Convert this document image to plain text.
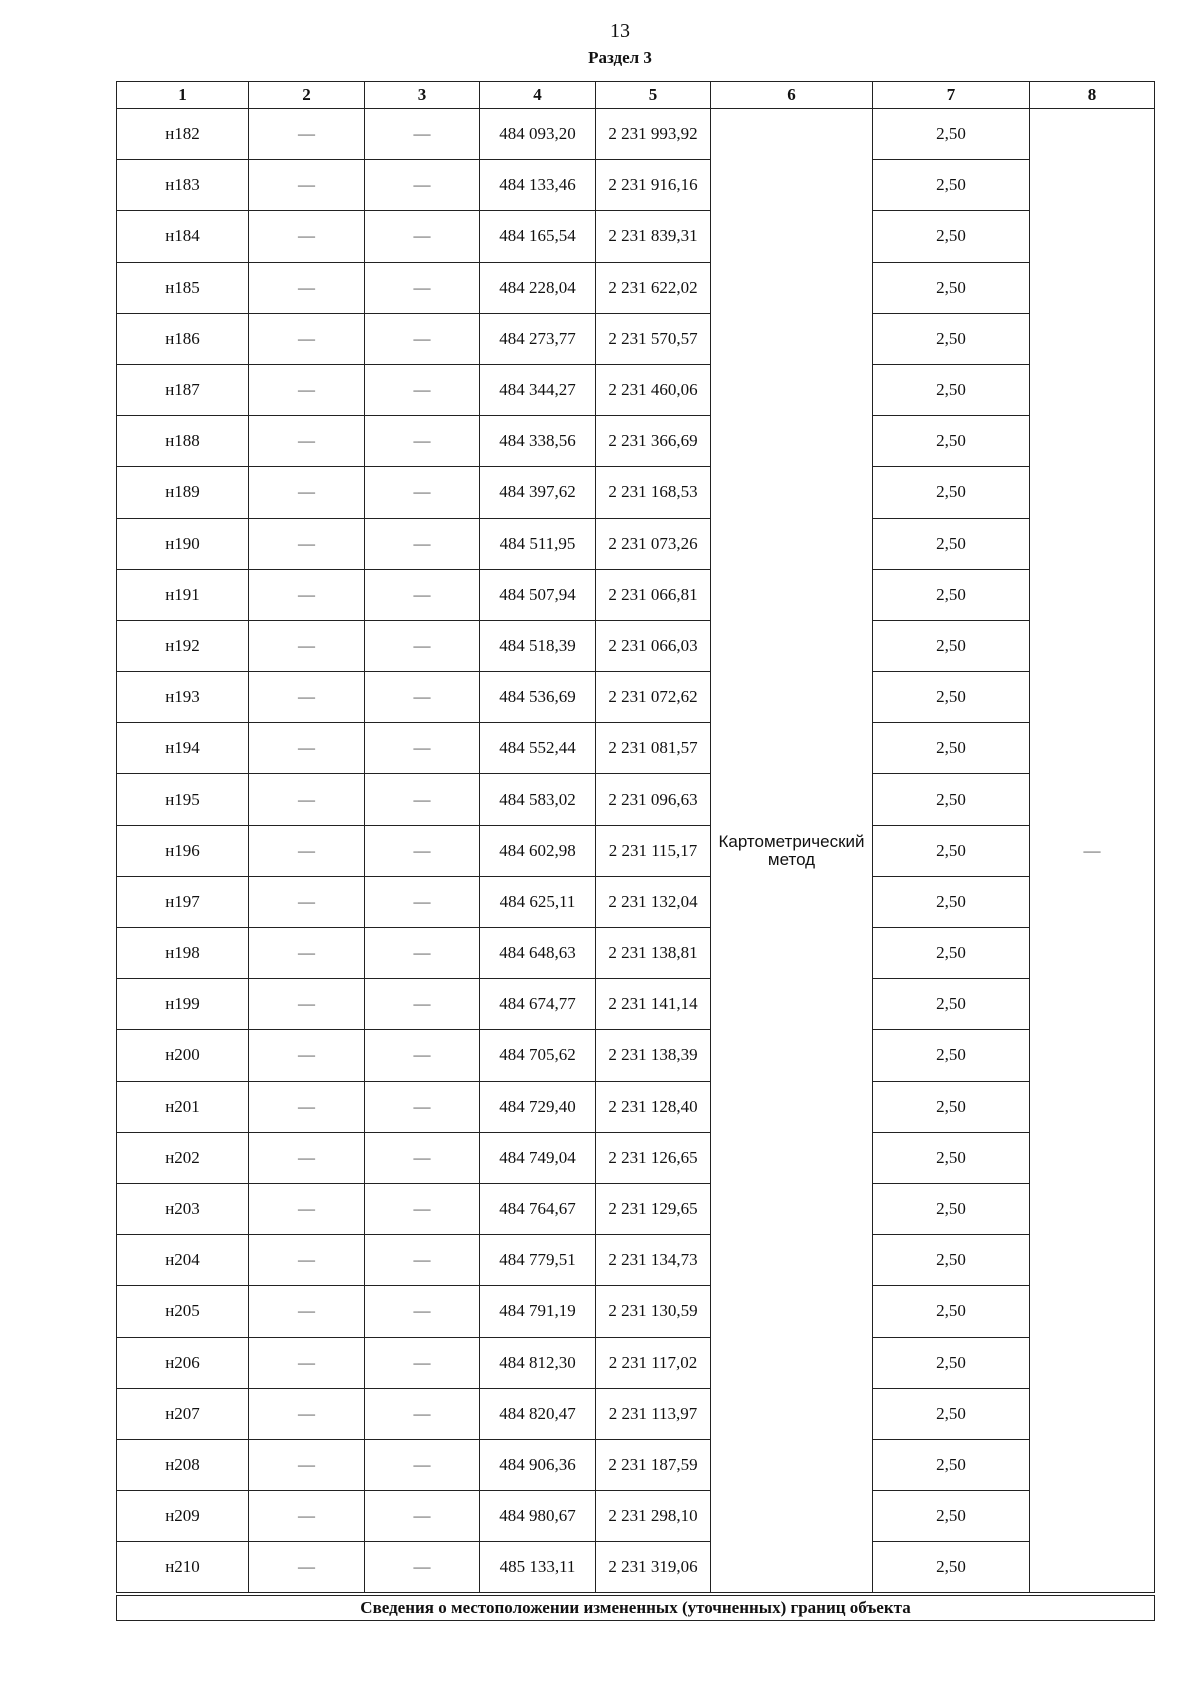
13
Раздел 3
1	2	3	4	5	6	7	8
н182	—	—	484 093,20	2 231 993,92	Картометрический метод	2,50	—
н183	—	—	484 133,46	2 231 916,16		2,50	
н184	—	—	484 165,54	2 231 839,31		2,50	
н185	—	—	484 228,04	2 231 622,02		2,50	
н186	—	—	484 273,77	2 231 570,57		2,50	
н187	—	—	484 344,27	2 231 460,06		2,50	
н188	—	—	484 338,56	2 231 366,69		2,50	
н189	—	—	484 397,62	2 231 168,53		2,50	
н190	—	—	484 511,95	2 231 073,26		2,50	
н191	—	—	484 507,94	2 231 066,81		2,50	
н192	—	—	484 518,39	2 231 066,03		2,50	
н193	—	—	484 536,69	2 231 072,62		2,50	
н194	—	—	484 552,44	2 231 081,57		2,50	
н195	—	—	484 583,02	2 231 096,63		2,50	
н196	—	—	484 602,98	2 231 115,17		2,50	
н197	—	—	484 625,11	2 231 132,04		2,50	
н198	—	—	484 648,63	2 231 138,81		2,50	
н199	—	—	484 674,77	2 231 141,14		2,50	
н200	—	—	484 705,62	2 231 138,39		2,50	
н201	—	—	484 729,40	2 231 128,40		2,50	
н202	—	—	484 749,04	2 231 126,65		2,50	
н203	—	—	484 764,67	2 231 129,65		2,50	
н204	—	—	484 779,51	2 231 134,73		2,50	
н205	—	—	484 791,19	2 231 130,59		2,50	
н206	—	—	484 812,30	2 231 117,02		2,50	
н207	—	—	484 820,47	2 231 113,97		2,50	
н208	—	—	484 906,36	2 231 187,59		2,50	
н209	—	—	484 980,67	2 231 298,10		2,50	
н210	—	—	485 133,11	2 231 319,06		2,50	
Сведения о местоположении измененных (уточненных) границ объекта							
